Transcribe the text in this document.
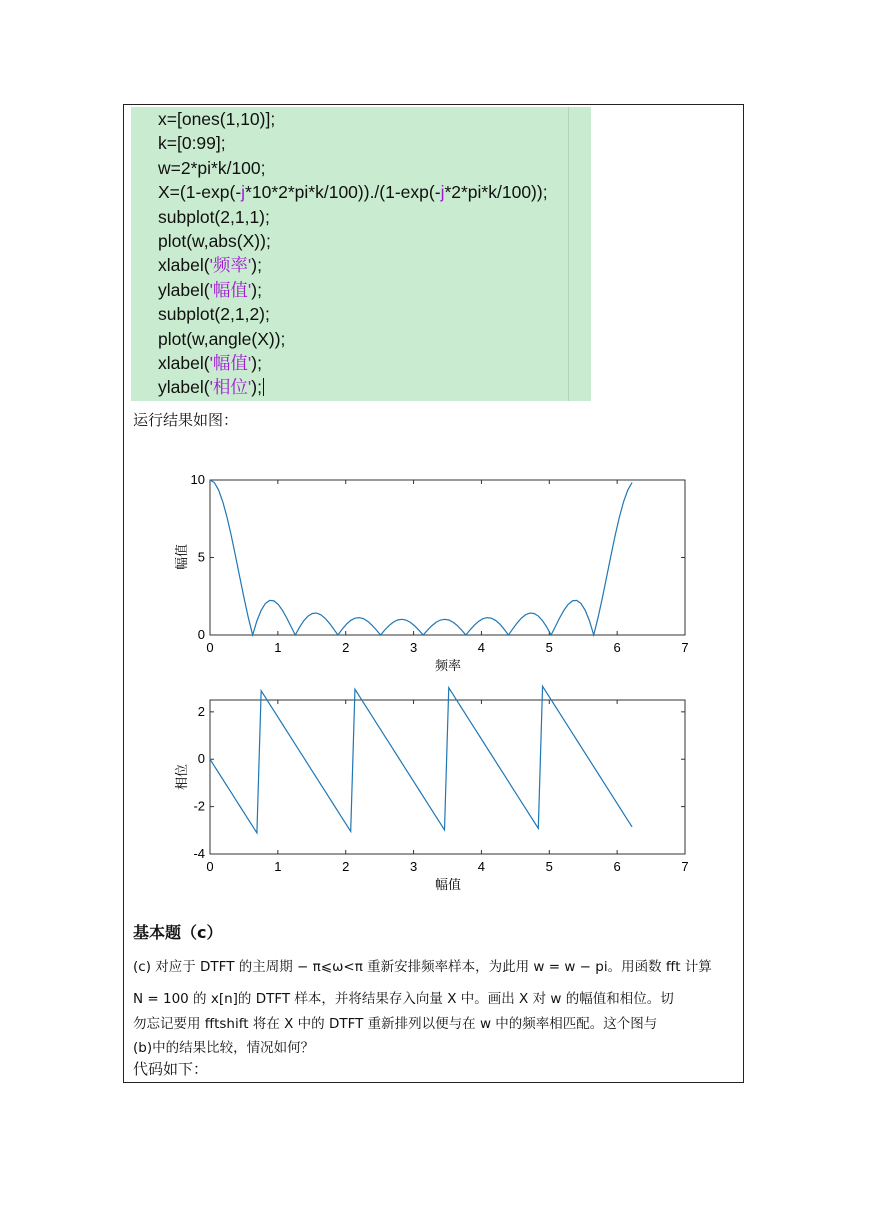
x=[ones(1,10)];
k=[0:99];
w=2*pi*k/100;
X=(1-exp(-j*10*2*pi*k/100))./(1-exp(-j*2*pi*k/100));
subplot(2,1,1);
plot(w,abs(X));
xlabel('频率');
ylabel('幅值');
subplot(2,1,2);
plot(w,angle(X));
xlabel('幅值');
ylabel('相位');
运行结果如图：
0	1	2	3	4	5	6	7
0
5
10
频率
幅值
0	1	2	3	4	5	6	7
-4
-2
0
2
幅值
相位
基本题（c）
(c) 对应于 DTFT 的主周期 − π⩽ω<π 重新安排频率样本，为此用 w = w − pi。用函数 fft 计算
N = 100 的 x[n]的 DTFT 样本，并将结果存入向量 X 中。画出 X 对 w 的幅值和相位。切
勿忘记要用 fftshift 将在 X 中的 DTFT 重新排列以便与在 w 中的频率相匹配。这个图与
(b)中的结果比较，情况如何？
代码如下：
